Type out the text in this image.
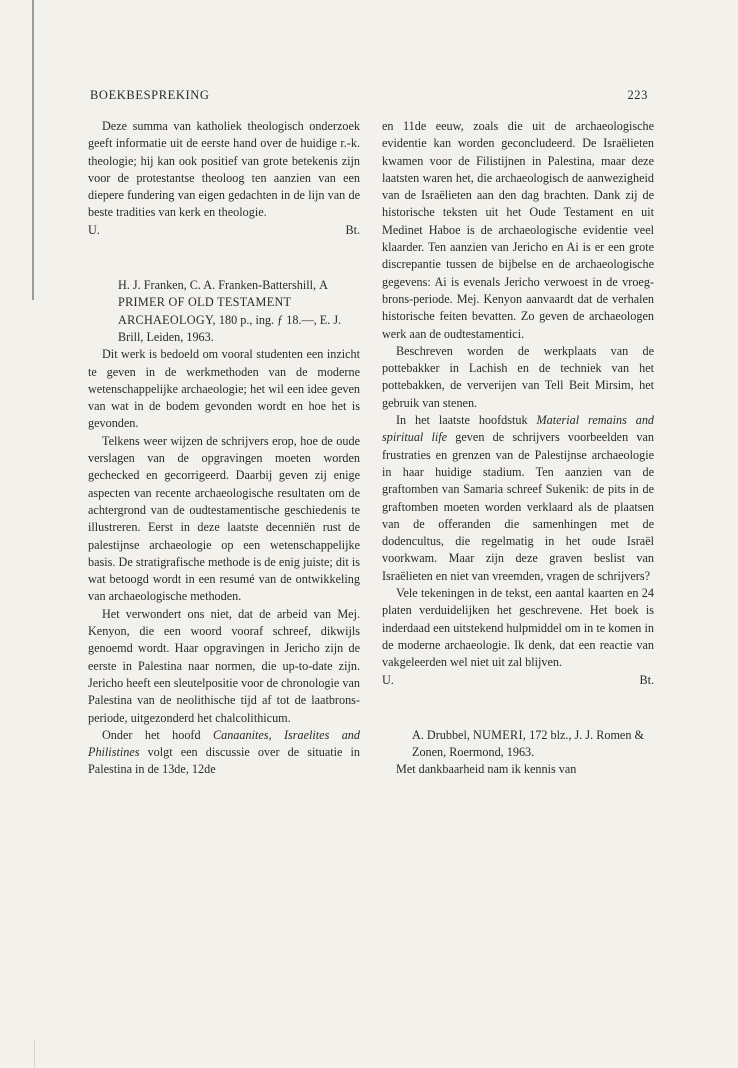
BOEKBESPREKING	223

Deze summa van katholiek theologisch onderzoek geeft informatie uit de eerste hand over de huidige r.-k. theologie; hij kan ook positief van grote betekenis zijn voor de protestantse theoloog ten aanzien van een diepere fundering van eigen gedachten in de lijn van de beste tradities van kerk en theologie.

U.	Bt.

H. J. Franken, C. A. Franken-Battershill, A PRIMER OF OLD TESTAMENT ARCHAEOLOGY, 180 p., ing. ƒ 18.—, E. J. Brill, Leiden, 1963.

Dit werk is bedoeld om vooral studenten een inzicht te geven in de werkmethoden van de moderne wetenschappelijke archaeologie; het wil een idee geven van wat in de bodem gevonden wordt en hoe het is gevonden.

Telkens weer wijzen de schrijvers erop, hoe de oude verslagen van de opgravingen moeten worden gechecked en gecorrigeerd. Daarbij geven zij enige aspecten van recente archaeologische resultaten om de achtergrond van de oudtestamentische geschiedenis te illustreren. Eerst in deze laatste decenniën rust de palestijnse archaeologie op een wetenschappelijke basis. De stratigrafische methode is de enig juiste; dit is wat betoogd wordt in een resumé van de ontwikkeling van archaeologische methoden.

Het verwondert ons niet, dat de arbeid van Mej. Kenyon, die een woord vooraf schreef, dikwijls genoemd wordt. Haar opgravingen in Jericho zijn de eerste in Palestina naar normen, die up-to-date zijn. Jericho heeft een sleutelpositie voor de chronologie van Palestina van de neolithische tijd af tot de laatbrons-periode, uitgezonderd het chalcolithicum.

Onder het hoofd Canaanites, Israelites and Philistines volgt een discussie over de situatie in Palestina in de 13de, 12de

en 11de eeuw, zoals die uit de archaeologische evidentie kan worden geconcludeerd. De Israëlieten kwamen voor de Filistijnen in Palestina, maar deze laatsten waren het, die archaeologisch de aanwezigheid van de Israëlieten aan den dag brachten. Dank zij de historische teksten uit het Oude Testament en uit Medinet Haboe is de archaeologische evidentie veel klaarder. Ten aanzien van Jericho en Ai is er een grote discrepantie tussen de bijbelse en de archaeologische gegevens: Ai is evenals Jericho verwoest in de vroeg-brons-periode. Mej. Kenyon aanvaardt dat de verhalen historische feiten bevatten. Zo geven de archaeologen werk aan de oudtestamentici.

Beschreven worden de werkplaats van de pottebakker in Lachish en de techniek van het pottebakken, de ververijen van Tell Beit Mirsim, het gebruik van stenen.

In het laatste hoofdstuk Material remains and spiritual life geven de schrijvers voorbeelden van frustraties en grenzen van de Palestijnse archaeologie in haar huidige stadium. Ten aanzien van de graftomben van Samaria schreef Sukenik: de pits in de graftomben moeten worden verklaard als de plaatsen van de offeranden die samenhingen met de dodencultus, die regelmatig in het oude Israël voorkwam. Maar zijn deze graven beslist van Israëlieten en niet van vreemden, vragen de schrijvers?

Vele tekeningen in de tekst, een aantal kaarten en 24 platen verduidelijken het geschrevene. Het boek is inderdaad een uitstekend hulpmiddel om in te komen in de moderne archaeologie. Ik denk, dat een reactie van vakgeleerden wel niet uit zal blijven.

U.	Bt.

A. Drubbel, NUMERI, 172 blz., J. J. Romen & Zonen, Roermond, 1963.

Met dankbaarheid nam ik kennis van
